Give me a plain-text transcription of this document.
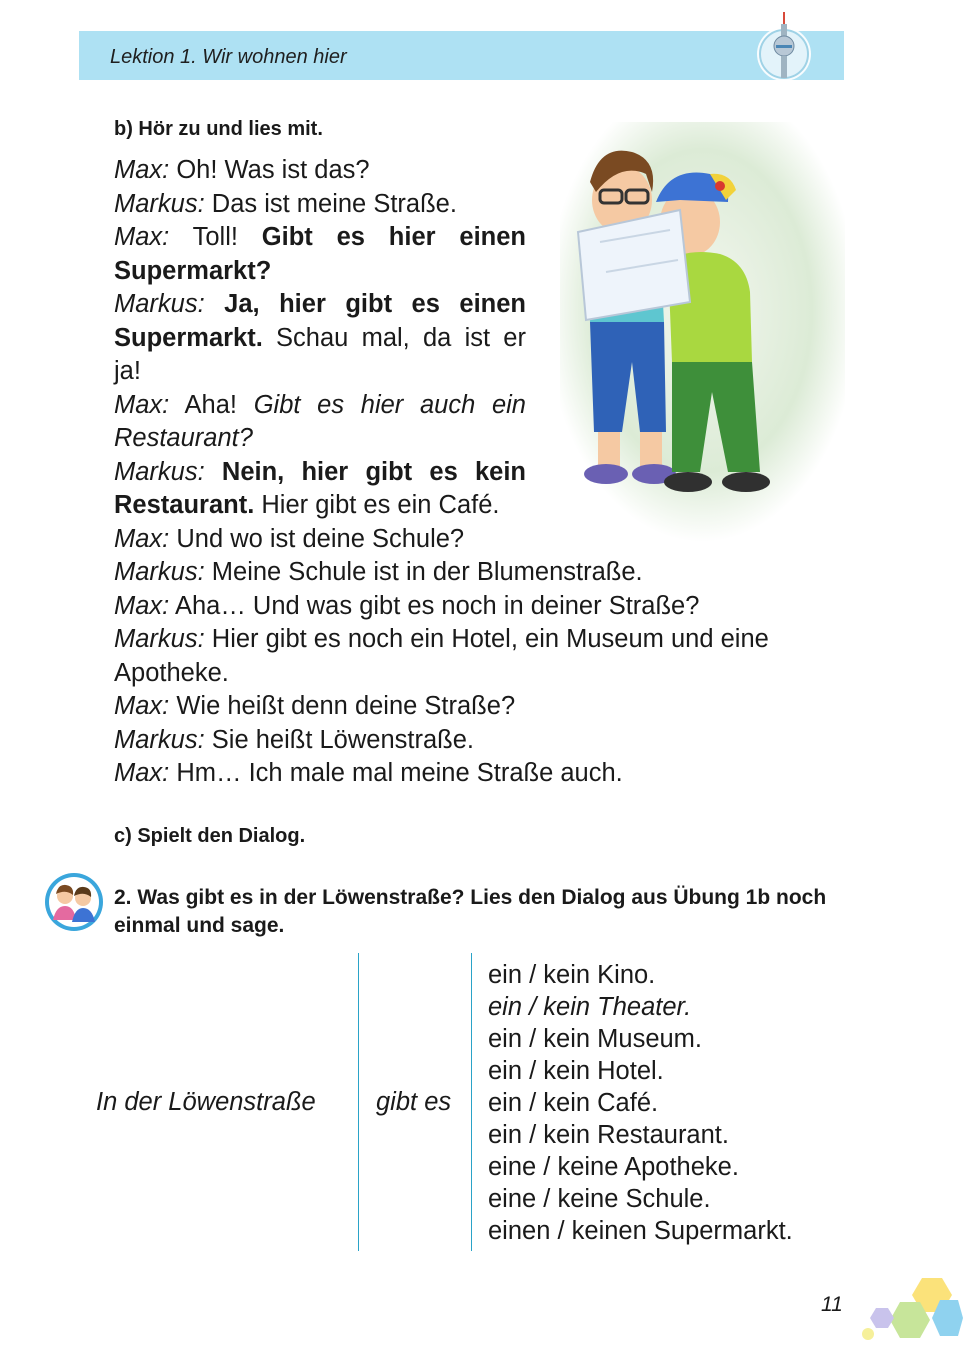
Lektion 1. Wir wohnen hier
b) Hör zu und lies mit.

Max: Oh! Was ist das?

Markus: Das ist meine Straße.

Max: Toll! Gibt es hier einen Supermarkt?

Markus: Ja, hier gibt es einen Supermarkt. Schau mal, da ist er ja!

Max: Aha! Gibt es hier auch ein Restaurant?

Markus: Nein, hier gibt es kein Restaurant. Hier gibt es ein Café.

Max: Und wo ist deine Schule?

Markus: Meine Schule ist in der Blumenstraße.

Max: Aha… Und was gibt es noch in deiner Straße?

Markus: Hier gibt es noch ein Hotel, ein Museum und eine Apotheke.

Max: Wie heißt denn deine Straße?

Markus: Sie heißt Löwenstraße.

Max: Hm… Ich male mal meine Straße auch.

c) Spielt den Dialog.
2. Was gibt es in der Löwenstraße? Lies den Dialog aus Übung 1b noch einmal und sage.
In der Löwenstraße gibt es
ein / kein Kino.
ein / kein Theater.
ein / kein Museum.
ein / kein Hotel.
ein / kein Café.
ein / kein Restaurant.
eine / keine Apotheke.
eine / keine Schule.
einen / keinen Supermarkt.
11
